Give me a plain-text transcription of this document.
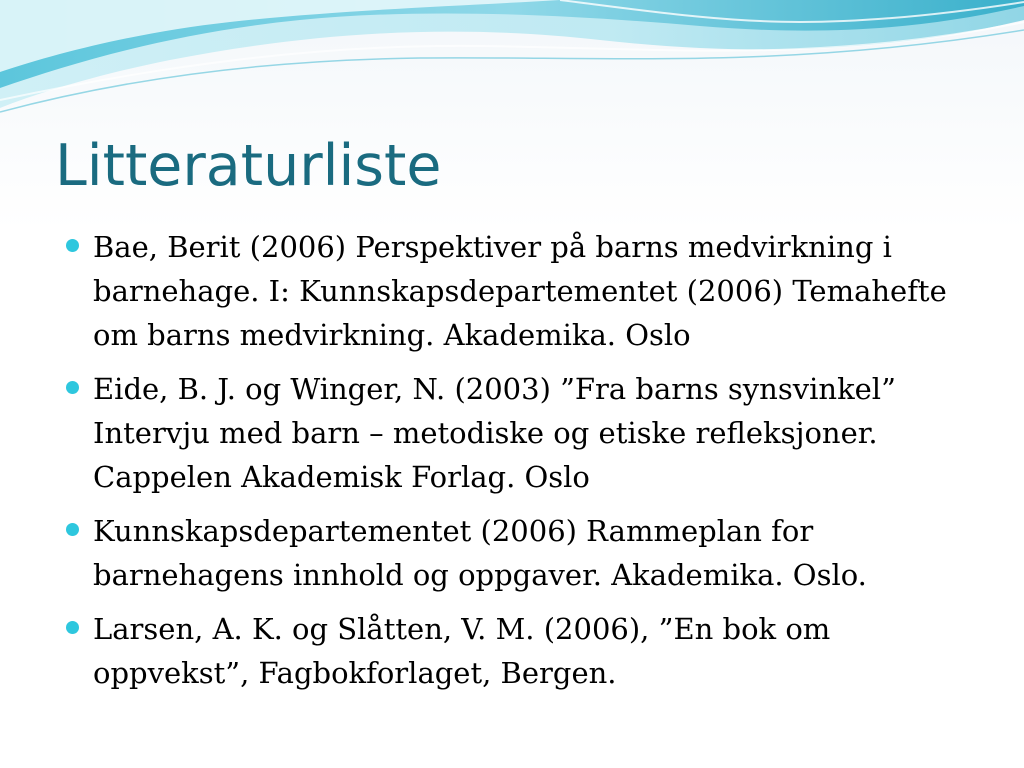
Litteraturliste
Bae, Berit (2006) Perspektiver på barns medvirkning i barnehage. I: Kunnskapsdepartementet (2006) Temahefte om barns medvirkning. Akademika. Oslo
Eide, B. J. og Winger, N. (2003) ”Fra barns synsvinkel” Intervju med barn – metodiske og etiske refleksjoner. Cappelen Akademisk Forlag. Oslo
Kunnskapsdepartementet (2006) Rammeplan for barnehagens innhold og oppgaver. Akademika. Oslo.
Larsen, A. K. og Slåtten, V. M. (2006), ”En bok om oppvekst”, Fagbokforlaget, Bergen.
